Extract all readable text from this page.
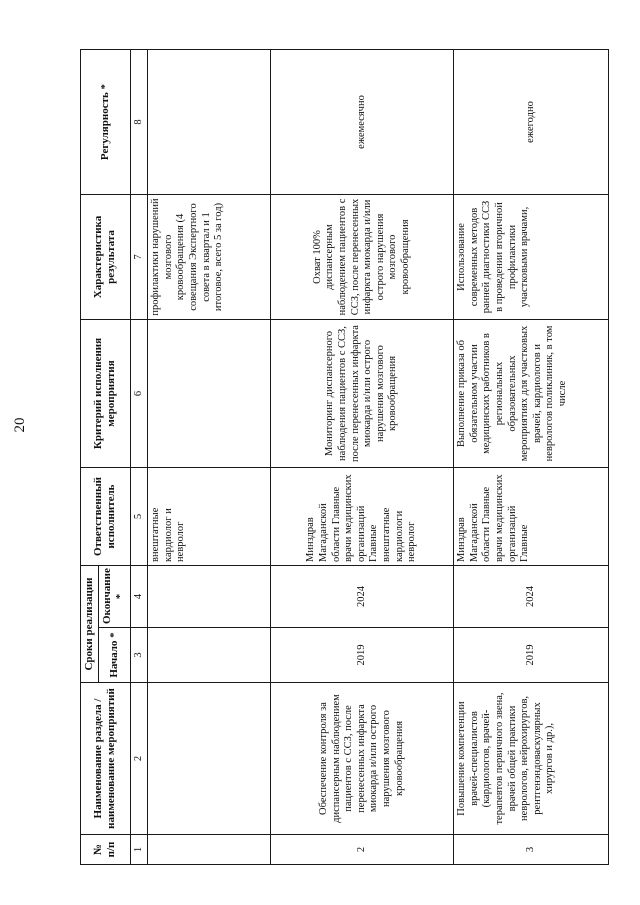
20
№ п/п	Наименование раздела /наименование мероприятий	Сроки реализации		Ответственный исполнитель	Критерий исполнения мероприятия	Характеристика результата	Регулярность *
		Начало *	Окончание *				
1	2	3	4	5	6	7	8
				внештатные кардиолог и невролог		профилактики нарушений мозгового кровообращения (4 совещания Экспертного совета в квартал и 1 итоговое, всего 5 за год)	
2	Обеспечение контроля за диспансерным наблюдением пациентов с ССЗ, после перенесенных инфаркта миокарда и/или острого нарушения мозгового кровообращения	2019	2024	Минздрав Магаданской области Главные врачи медицинских организаций Главные внештатные кардиологи невролог	Мониторинг диспансерного наблюдения пациентов с ССЗ, после перенесенных инфаркта миокарда и/или острого нарушения мозгового кровообращения	Охват 100% диспансерным наблюдением пациентов с ССЗ, после перенесенных инфаркта миокарда и/или острого нарушения мозгового кровообращения	ежемесячно
3	Повышение компетенции врачей-специалистов (кардиологов, врачей-терапевтов первичного звена, врачей общей практики неврологов, нейрохирургов, рентгенэндоваскулярных хирургов и др.),	2019	2024	Минздрав Магаданской области Главные врачи медицинских организаций Главные	Выполнение приказа об обязательном участии медицинских работников в региональных образовательных мероприятиях для участковых врачей, кардиологов и неврологов поликлиник, в том числе	Использование современных методов ранней диагностики ССЗ в проведении вторичной профилактики участковыми врачами,	ежегодно
